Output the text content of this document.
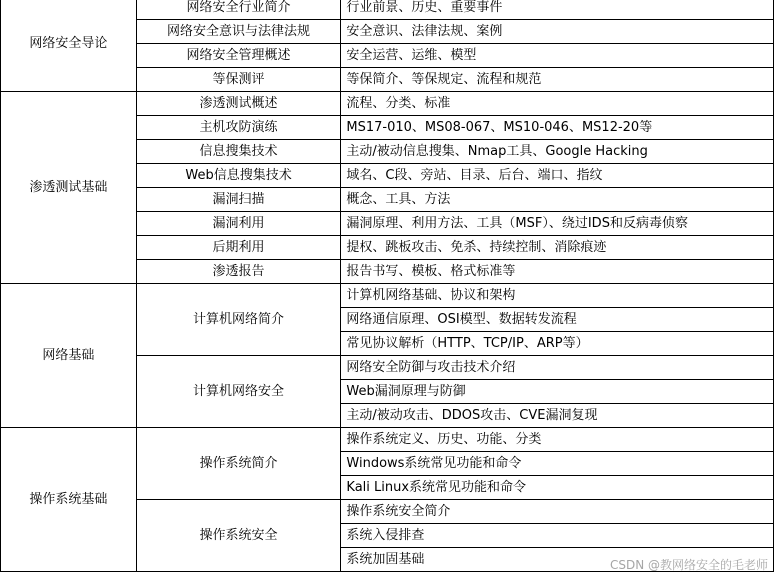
网络安全导论	网络安全行业简介	行业前景、历史、重要事件
	网络安全意识与法律法规	安全意识、法律法规、案例
	网络安全管理概述	安全运营、运维、模型
	等保测评	等保简介、等保规定、流程和规范
渗透测试基础	渗透测试概述	流程、分类、标准
	主机攻防演练	MS17-010、MS08-067、MS10-046、MS12-20等
	信息搜集技术	主动/被动信息搜集、Nmap工具、Google Hacking
	Web信息搜集技术	域名、C段、旁站、目录、后台、端口、指纹
	漏洞扫描	概念、工具、方法
	漏洞利用	漏洞原理、利用方法、工具（MSF）、绕过IDS和反病毒侦察
	后期利用	提权、跳板攻击、免杀、持续控制、消除痕迹
	渗透报告	报告书写、模板、格式标准等
网络基础	计算机网络简介	计算机网络基础、协议和架构
		网络通信原理、OSI模型、数据转发流程
		常见协议解析（HTTP、TCP/IP、ARP等）
	计算机网络安全	网络安全防御与攻击技术介绍
		Web漏洞原理与防御
		主动/被动攻击、DDOS攻击、CVE漏洞复现
操作系统基础	操作系统简介	操作系统定义、历史、功能、分类
		Windows系统常见功能和命令
		Kali Linux系统常见功能和命令
	操作系统安全	操作系统安全简介
		系统入侵排查
		系统加固基础	CSDN @教网络安全的毛老师
